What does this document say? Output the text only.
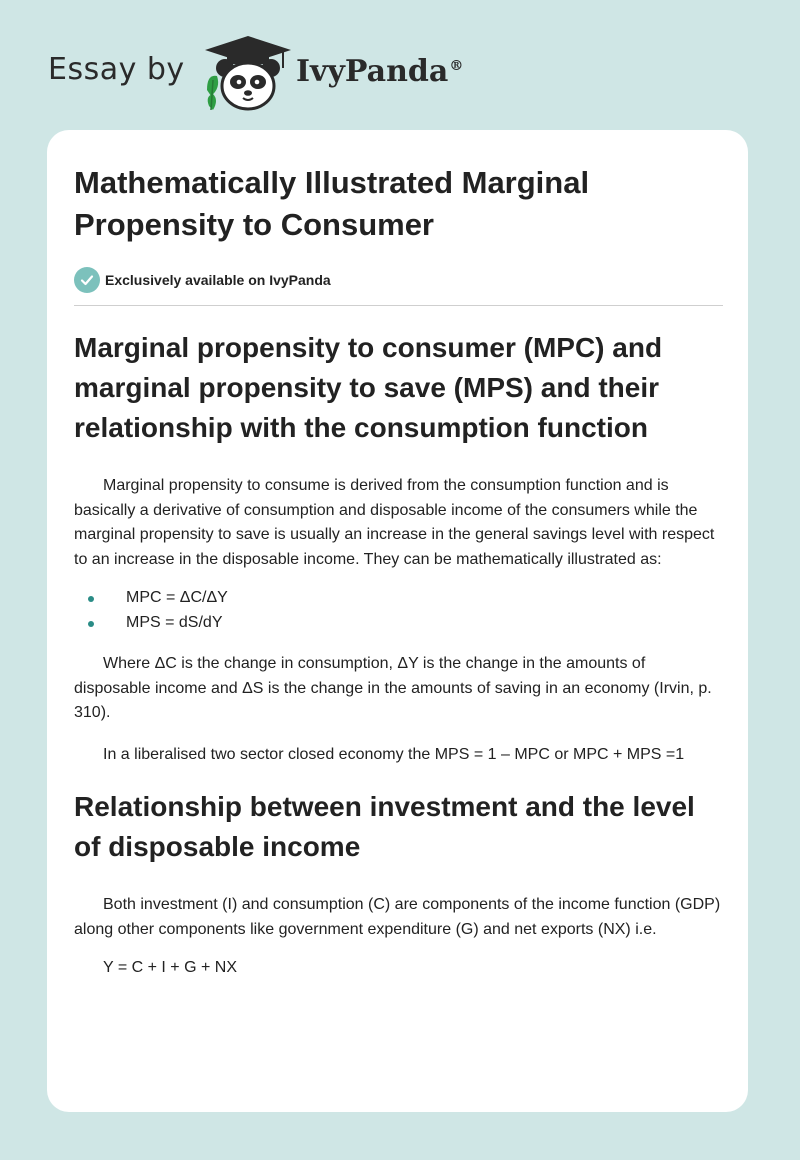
Essay by	IvyPanda®
Mathematically Illustrated Marginal Propensity to Consumer
Exclusively available on IvyPanda
Marginal propensity to consumer (MPC) and marginal propensity to save (MPS) and their relationship with the consumption function

Marginal propensity to consume is derived from the consumption function and is basically a derivative of consumption and disposable income of the consumers while the marginal propensity to save is usually an increase in the general savings level with respect to an increase in the disposable income. They can be mathematically illustrated as:

MPC = ΔC/ΔY
MPS = dS/dY

Where ΔC is the change in consumption, ΔY is the change in the amounts of disposable income and ΔS is the change in the amounts of saving in an economy (Irvin, p. 310).

In a liberalised two sector closed economy the MPS = 1 – MPC or MPC + MPS =1

Relationship between investment and the level of disposable income

Both investment (I) and consumption (C) are components of the income function (GDP) along other components like government expenditure (G) and net exports (NX) i.e.

Y = C + I + G + NX
